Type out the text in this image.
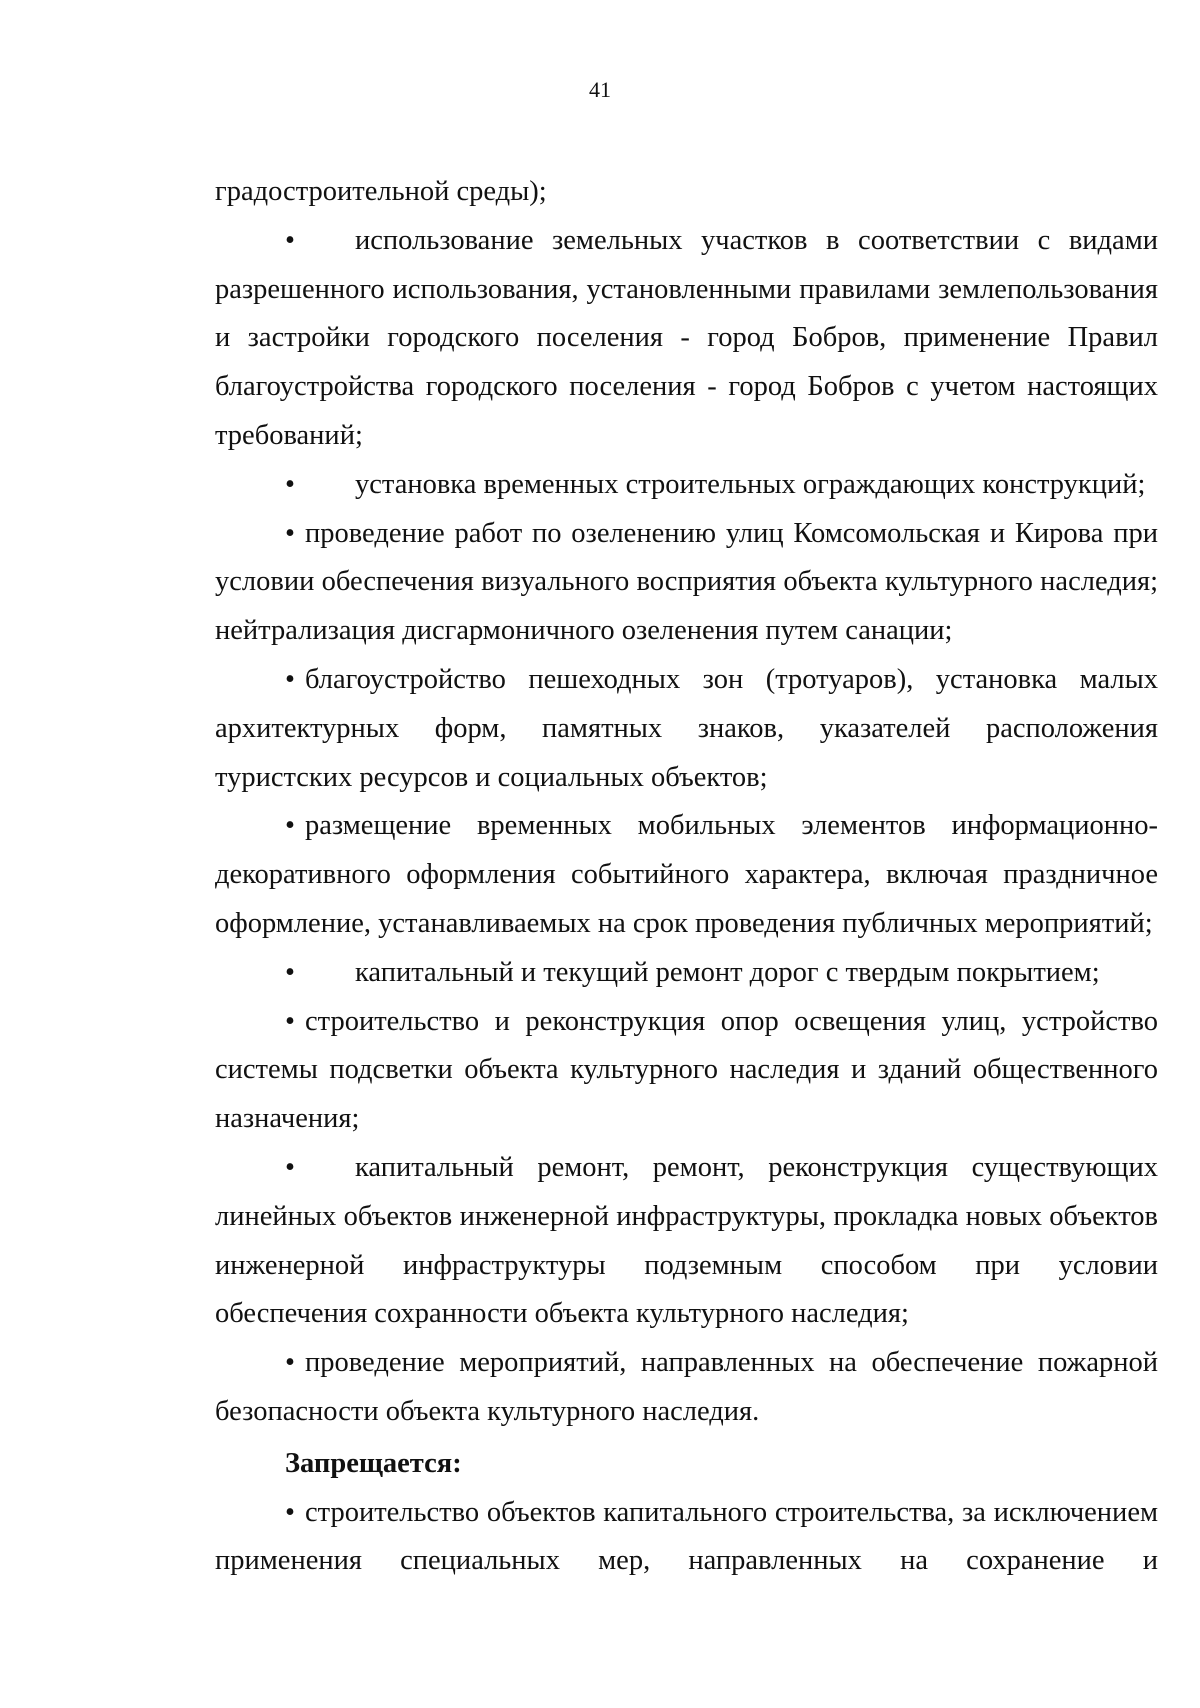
41

градостроительной среды);

• использование земельных участков в соответствии с видами разрешенного использования, установленными правилами землепользования и застройки городского поселения - город Бобров, применение Правил благоустройства городского поселения - город Бобров с учетом настоящих требований;

• установка временных строительных ограждающих конструкций;

• проведение работ по озеленению улиц Комсомольская и Кирова при условии обеспечения визуального восприятия объекта культурного наследия; нейтрализация дисгармоничного озеленения путем санации;

• благоустройство пешеходных зон (тротуаров), установка малых архитектурных форм, памятных знаков, указателей расположения туристских ресурсов и социальных объектов;

• размещение временных мобильных элементов информационно-декоративного оформления событийного характера, включая праздничное оформление, устанавливаемых на срок проведения публичных мероприятий;

• капитальный и текущий ремонт дорог с твердым покрытием;

• строительство и реконструкция опор освещения улиц, устройство системы подсветки объекта культурного наследия и зданий общественного назначения;

• капитальный ремонт, ремонт, реконструкция существующих линейных объектов инженерной инфраструктуры, прокладка новых объектов инженерной инфраструктуры подземным способом при условии обеспечения сохранности объекта культурного наследия;

• проведение мероприятий, направленных на обеспечение пожарной безопасности объекта культурного наследия.

Запрещается:

• строительство объектов капитального строительства, за исключением применения специальных мер, направленных на сохранение и
